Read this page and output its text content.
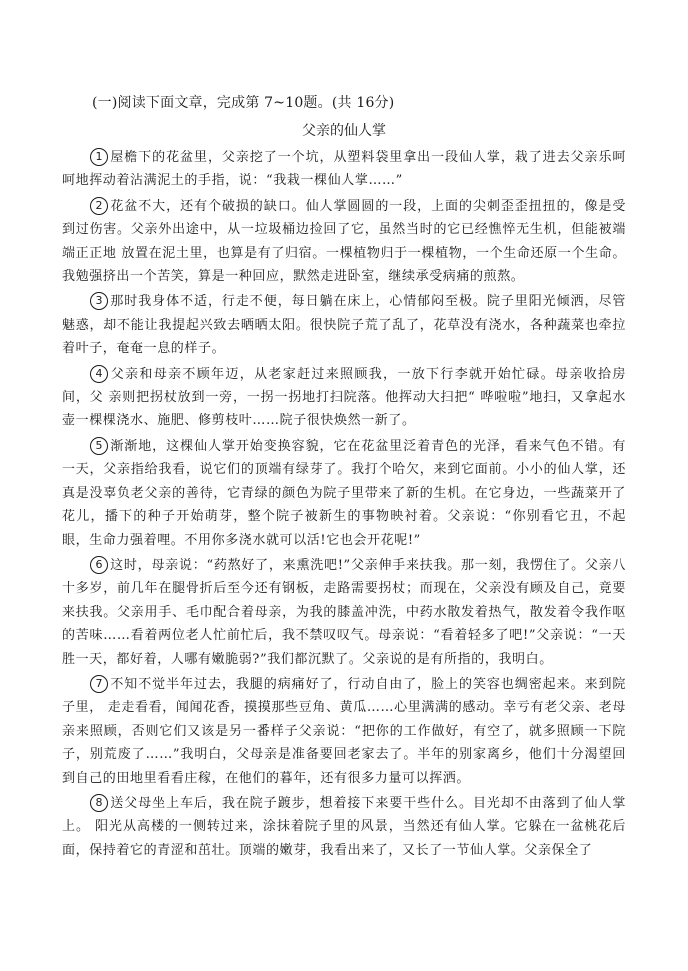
(一)阅读下面文章，完成第 7~10题。(共 16分)
父亲的仙人掌

1 屋檐下的花盆里，父亲挖了一个坑，从塑料袋里拿出一段仙人掌，栽了进去父亲乐呵呵地挥动着沾满泥土的手指，说：“我栽一棵仙人掌……”

2 花盆不大，还有个破损的缺口。仙人掌圆圆的一段，上面的尖刺歪歪扭扭的，像是受到过伤害。父亲外出途中，从一垃圾桶边捡回了它，虽然当时的它已经憔悴无生机，但能被端端正正地 放置在泥土里，也算是有了归宿。一棵植物归于一棵植物，一个生命还原一个生命。我勉强挤出一个苦笑，算是一种回应，默然走进卧室，继续承受病痛的煎熬。

3 那时我身体不适，行走不便，每日躺在床上，心情郁闷至极。院子里阳光倾洒，尽管魅惑，却不能让我提起兴致去晒晒太阳。很快院子荒了乱了，花草没有浇水，各种蔬菜也牵拉着叶子，奄奄一息的样子。

4 父亲和母亲不顾年迈，从老家赶过来照顾我，一放下行李就开始忙碌。母亲收拾房间，父 亲则把拐杖放到一旁，一拐一拐地打扫院落。他挥动大扫把“ 哗啦啦”地扫，又拿起水壶一棵棵浇水、施肥、修剪枝叶……院子很快焕然一新了。

5 渐渐地，这棵仙人掌开始变换容貌，它在花盆里泛着青色的光泽，看来气色不错。有一天，父亲指给我看，说它们的顶端有绿芽了。我打个哈欠，来到它面前。小小的仙人掌，还真是没辜负老父亲的善待，它青绿的颜色为院子里带来了新的生机。在它身边，一些蔬菜开了花儿，播下的种子开始萌芽，整个院子被新生的事物映衬着。父亲说：“你别看它丑，不起眼，生命力强着哩。不用你多浇水就可以活!它也会开花呢!”

6 这时，母亲说：“药熬好了，来熏洗吧!”父亲伸手来扶我。那一刻，我愣住了。父亲八十多岁，前几年在腿骨折后至今还有钢板，走路需要拐杖；而现在，父亲没有顾及自己，竟要来扶我。父亲用手、毛巾配合着母亲，为我的膝盖冲洗，中药水散发着热气，散发着令我作呕的苦味……看着两位老人忙前忙后，我不禁叹叹气。母亲说：“看着轻多了吧!”父亲说：“一天胜一天，都好着，人哪有嫩脆弱?”我们都沉默了。父亲说的是有所指的，我明白。

7 不知不觉半年过去，我腿的病痛好了，行动自由了，脸上的笑容也绸密起来。来到院子里， 走走看看，闻闻花香，摸摸那些豆角、黄瓜……心里满满的感动。幸亏有老父亲、老母亲来照顾，否则它们又该是另一番样子父亲说：“把你的工作做好，有空了，就多照顾一下院子，别荒废了……”我明白，父母亲是准备要回老家去了。半年的别家离乡，他们十分渴望回到自己的田地里看看庄稼，在他们的暮年，还有很多力量可以挥洒。

8 送父母坐上车后，我在院子踱步，想着接下来要干些什么。目光却不由落到了仙人掌上。 阳光从高楼的一侧转过来，涂抹着院子里的风景，当然还有仙人掌。它躲在一盆桃花后面，保持着它的青涩和茁壮。顶端的嫩芽，我看出来了，又长了一节仙人掌。父亲保全了
